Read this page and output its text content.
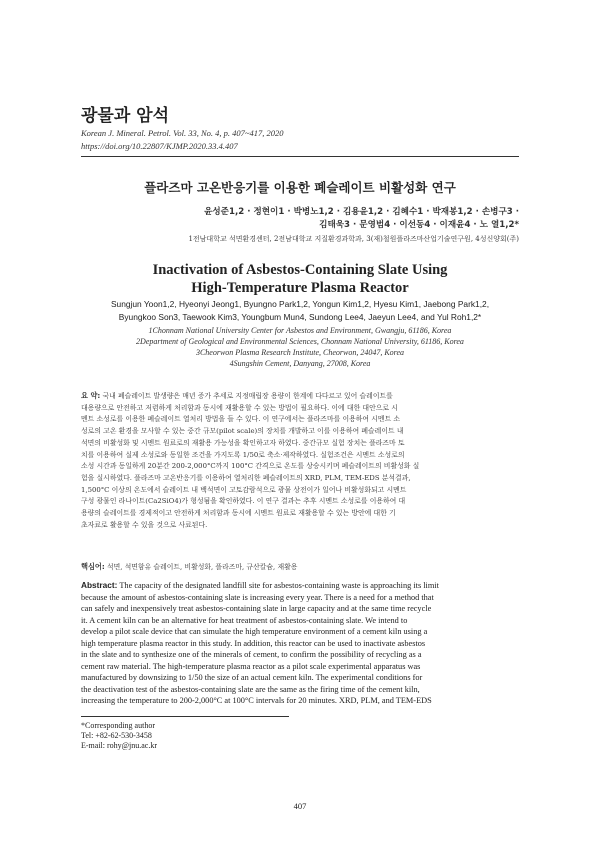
광물과 암석
Korean J. Mineral. Petrol. Vol. 33, No. 4, p. 407~417, 2020
https://doi.org/10.22807/KJMP.2020.33.4.407
플라즈마 고온반응기를 이용한 폐슬레이트 비활성화 연구
윤성준1,2 · 정현이1 · 박병노1,2 · 김용윤1,2 · 김혜수1 · 박재봉1,2 · 손병구3 ·
김태욱3 · 문영범4 · 이선동4 · 이재윤4 · 노 열1,2*
1전남대학교 석면환경센터, 2전남대학교 지질환경과학과, 3(재)철원플라즈마산업기술연구원, 4성신양회(주)
Inactivation of Asbestos-Containing Slate Using
High-Temperature Plasma Reactor
Sungjun Yoon1,2, Hyeonyi Jeong1, Byungno Park1,2, Yongun Kim1,2, Hyesu Kim1, Jaebong Park1,2,
Byungkoo Son3, Taewook Kim3, Youngbum Mun4, Sundong Lee4, Jaeyun Lee4, and Yul Roh1,2*
1Chonnam National University Center for Asbestos and Environment, Gwangju, 61186, Korea
2Department of Geological and Environmental Sciences, Chonnam National University, 61186, Korea
3Cheorwon Plasma Research Institute, Cheorwon, 24047, Korea
4Sungshin Cement, Danyang, 27008, Korea
요 약: 국내 폐슬레이트 발생량은 매년 증가 추세로 지정매립장 용량이 한계에 다다르고 있어 슬레이트를
대용량으로 안전하고 저렴하게 처리함과 동시에 재활용할 수 있는 방법이 필요하다. 이에 대한 대안으로 시
멘트 소성로를 이용한 폐슬레이트 열처리 방법을 들 수 있다. 이 연구에서는 플라즈마를 이용하여 시멘트 소
성로의 고온 환경을 모사할 수 있는 중간 규모(pilot scale)의 장치를 개발하고 이를 이용하여 폐슬레이트 내
석면의 비활성화 및 시멘트 원료로의 재활용 가능성을 확인하고자 하였다. 중간규모 실험 장치는 플라즈마 토
치를 이용하여 실제 소성로와 동일한 조건을 가지도록 1/50로 축소·제작하였다. 실험조건은 시멘트 소성로의
소성 시간과 동일하게 20분간 200-2,000°C까지 100°C 간격으로 온도를 상승시키며 폐슬레이트의 비활성화 실
험을 실시하였다. 플라즈마 고온반응기를 이용하여 열처리한 폐슬레이트의 XRD, PLM, TEM-EDS 분석결과,
1,500°C 이상의 온도에서 슬레이트 내 백석면이 고토감람석으로 광물 상전이가 일어나 비활성화되고 시멘트
구성 광물인 라나이트(Ca2SiO4)가 형성됨을 확인하였다. 이 연구 결과는 추후 시멘트 소성로를 이용하여 대
용량의 슬레이트를 경제적이고 안전하게 처리함과 동시에 시멘트 원료로 재활용할 수 있는 방안에 대한 기
초자료로 활용할 수 있을 것으로 사료된다.
핵심어: 석면, 석면함유 슬레이트, 비활성화, 플라즈마, 규산칼슘, 재활용
Abstract: The capacity of the designated landfill site for asbestos-containing waste is approaching its limit
because the amount of asbestos-containing slate is increasing every year. There is a need for a method that
can safely and inexpensively treat asbestos-containing slate in large capacity and at the same time recycle
it. A cement kiln can be an alternative for heat treatment of asbestos-containing slate. We intend to
develop a pilot scale device that can simulate the high temperature environment of a cement kiln using a
high temperature plasma reactor in this study. In addition, this reactor can be used to inactivate asbestos
in the slate and to synthesize one of the minerals of cement, to confirm the possibility of recycling as a
cement raw material. The high-temperature plasma reactor as a pilot scale experimental apparatus was
manufactured by downsizing to 1/50 the size of an actual cement kiln. The experimental conditions for
the deactivation test of the asbestos-containing slate are the same as the firing time of the cement kiln,
increasing the temperature to 200-2,000°C at 100°C intervals for 20 minutes. XRD, PLM, and TEM-EDS
*Corresponding author
Tel: +82-62-530-3458
E-mail: rohy@jnu.ac.kr
407
